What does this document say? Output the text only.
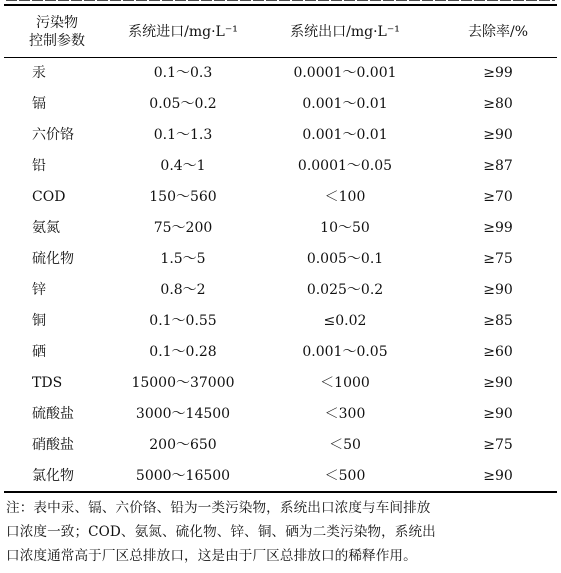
污染物
控制参数
系统进口/mg·L⁻¹	系统出口/mg·L⁻¹	去除率/%
汞	0.1～0.3	0.0001～0.001	≥99
镉	0.05～0.2	0.001～0.01	≥80
六价铬	0.1～1.3	0.001～0.01	≥90
铅	0.4～1	0.0001～0.05	≥87
COD	150～560	＜100	≥70
氨氮	75～200	10～50	≥99
硫化物	1.5～5	0.005～0.1	≥75
锌	0.8～2	0.025～0.2	≥90
铜	0.1～0.55	≤0.02	≥85
硒	0.1～0.28	0.001～0.05	≥60
TDS	15000～37000	＜1000	≥90
硫酸盐	3000～14500	＜300	≥90
硝酸盐	200～650	＜50	≥75
氯化物	5000～16500	＜500	≥90
注：表中汞、镉、六价铬、铅为一类污染物，系统出口浓度与车间排放
口浓度一致；COD、氨氮、硫化物、锌、铜、硒为二类污染物，系统出
口浓度通常高于厂区总排放口，这是由于厂区总排放口的稀释作用。
